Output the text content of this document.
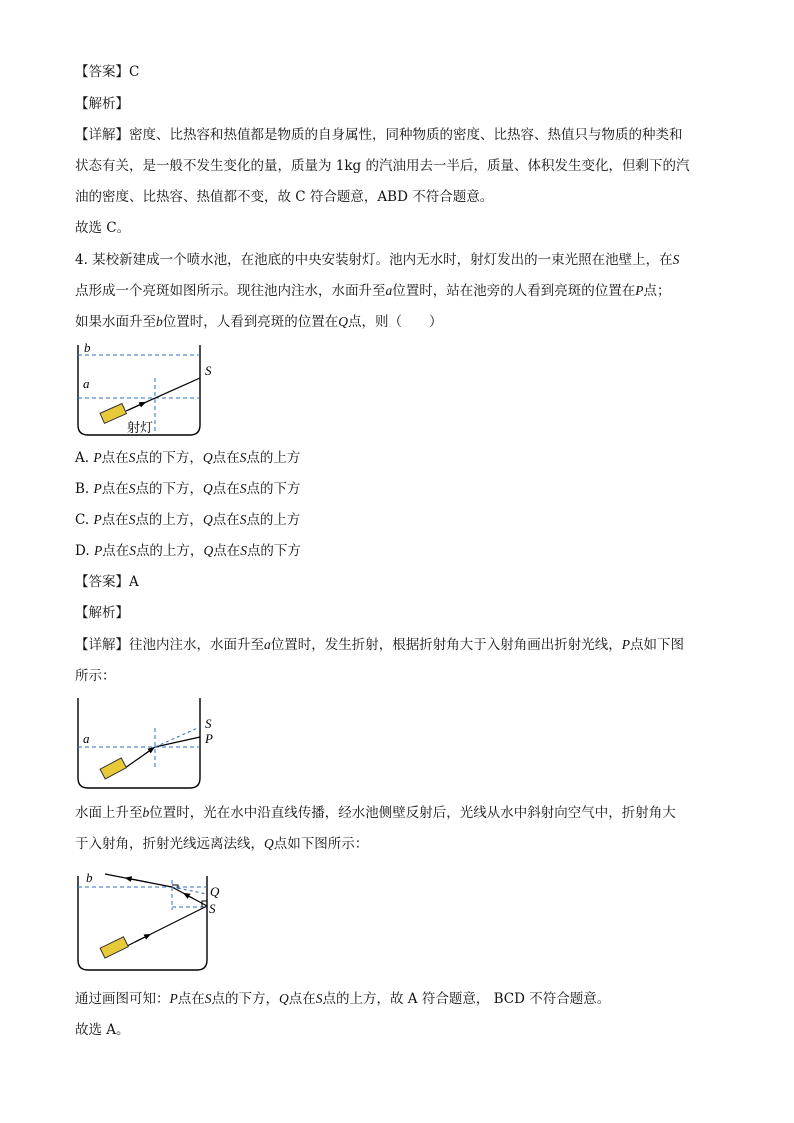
【答案】C
【解析】
【详解】密度、比热容和热值都是物质的自身属性，同种物质的密度、比热容、热值只与物质的种类和
状态有关，是一般不发生变化的量，质量为 1kg 的汽油用去一半后，质量、体积发生变化，但剩下的汽
油的密度、比热容、热值都不变，故 C 符合题意，ABD 不符合题意。
故选 C。
4. 某校新建成一个喷水池，在池底的中央安装射灯。池内无水时，射灯发出的一束光照在池壁上，在S
点形成一个亮斑如图所示。现往池内注水，水面升至a位置时，站在池旁的人看到亮斑的位置在P点；
如果水面升至b位置时，人看到亮斑的位置在Q点，则（　　）
b
a
S
射灯
A. P点在S点的下方，Q点在S点的上方
B. P点在S点的下方，Q点在S点的下方
C. P点在S点的上方，Q点在S点的上方
D. P点在S点的上方，Q点在S点的下方
【答案】A
【解析】
【详解】往池内注水，水面升至a位置时，发生折射，根据折射角大于入射角画出折射光线，P点如下图
所示：
a
S
P
水面上升至b位置时，光在水中沿直线传播，经水池侧壁反射后，光线从水中斜射向空气中，折射角大
于入射角，折射光线远离法线，Q点如下图所示：
b
Q
S
通过画图可知：P点在S点的下方，Q点在S点的上方，故 A 符合题意， BCD 不符合题意。
故选 A。
